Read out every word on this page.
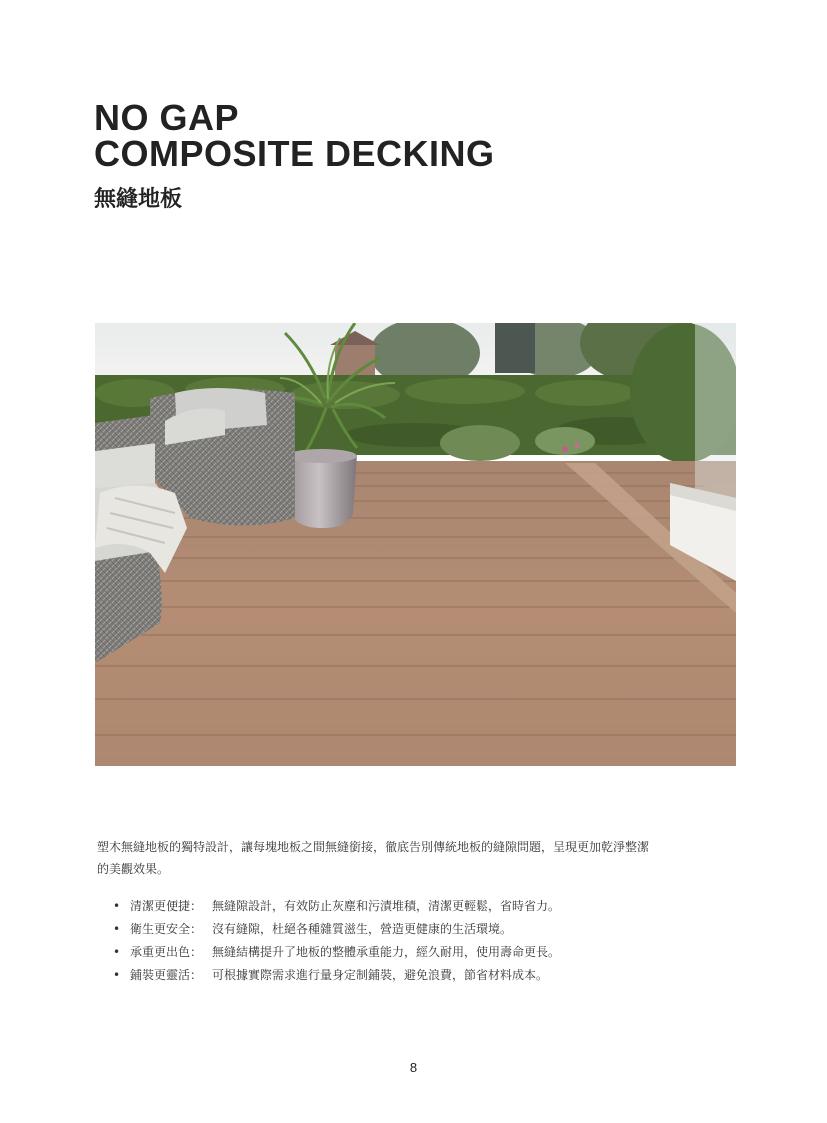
NO GAP
COMPOSITE DECKING
無縫地板

塑木無縫地板的獨特設計，讓每塊地板之間無縫銜接，徹底告別傳統地板的縫隙問題，呈現更加乾淨整潔的美觀效果。

• 清潔更便捷： 無縫隙設計，有效防止灰塵和污漬堆積，清潔更輕鬆，省時省力。
• 衛生更安全： 沒有縫隙，杜絕各種雜質滋生，營造更健康的生活環境。
• 承重更出色： 無縫結構提升了地板的整體承重能力，經久耐用，使用壽命更長。
• 鋪裝更靈活： 可根據實際需求進行量身定制鋪裝，避免浪費，節省材料成本。
8
